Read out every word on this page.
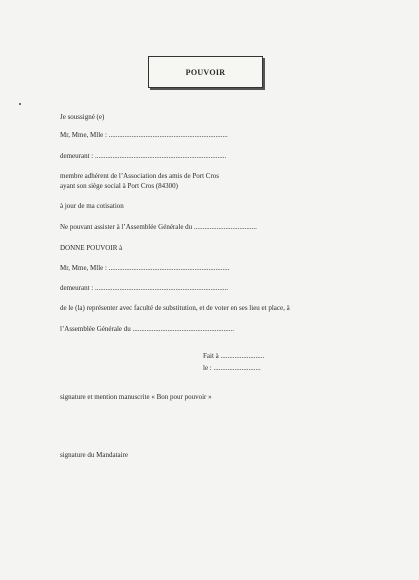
POUVOIR
Je soussigné (e)
Mr, Mme, Mlle : ....................................................................
demeurant : ...........................................................................
membre adhérent de l’Association des amis de Port Cros
ayant son siège social à Port Cros (84300)
à jour de ma cotisation
Ne pouvant assister à l’Assemblée Générale du ....................................
DONNE POUVOIR à
Mr, Mme, Mlle : .....................................................................
demeurant : ............................................................................
de le (la) représenter avec faculté de substitution, et de voter en ses lieu et place, à
l’Assemblée Générale du ..........................................................
Fait à .........................
le : ...........................
signature et mention manuscrite « Bon pour pouvoir »
signature du Mandataire
